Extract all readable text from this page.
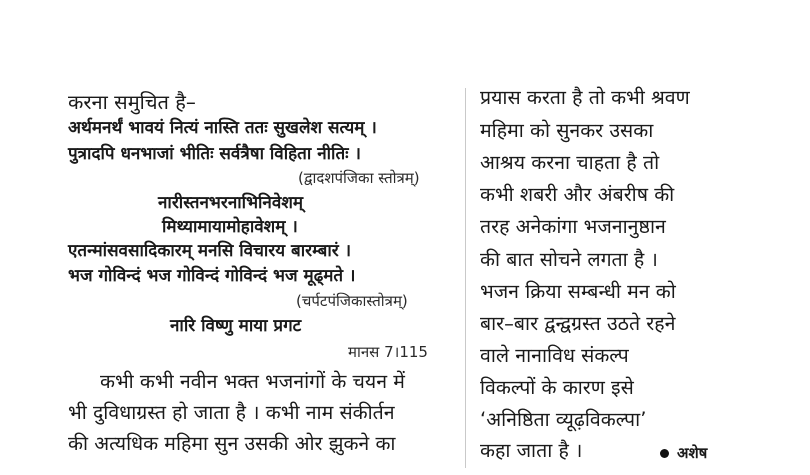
करना समुचित है–
अर्थमनर्थं भावयं नित्यं नास्ति ततः सुखलेश सत्यम् ।
पुत्रादपि धनभाजां भीतिः सर्वत्रैषा विहिता नीतिः ।
(द्वादशपंजिका स्तोत्रम्)
नारीस्तनभरनाभिनिवेशम्
मिथ्यामायामोहावेशम् ।
एतन्मांसवसादिकारम् मनसि विचारय बारम्बारं ।
भज गोविन्दं भज गोविन्दं गोविन्दं भज मूढ्मते ।
(चर्पटपंजिकास्तोत्रम्)
नारि विष्णु माया प्रगट
मानस 7।115
कभी कभी नवीन भक्त भजनांगों के चयन में
भी दुविधाग्रस्त हो जाता है । कभी नाम संकीर्तन
की अत्यधिक महिमा सुन उसकी ओर झुकने का
प्रयास करता है तो कभी श्रवण
महिमा को सुनकर उसका
आश्रय करना चाहता है तो
कभी शबरी और अंबरीष की
तरह अनेकांगा भजनानुष्ठान
की बात सोचने लगता है ।
भजन क्रिया सम्बन्धी मन को
बार–बार द्वन्द्वग्रस्त उठते रहने
वाले नानाविध संकल्प
विकल्पों के कारण इसे
‘अनिष्ठिता व्यूढ़विकल्पा’
कहा जाता है ।	अशेष
